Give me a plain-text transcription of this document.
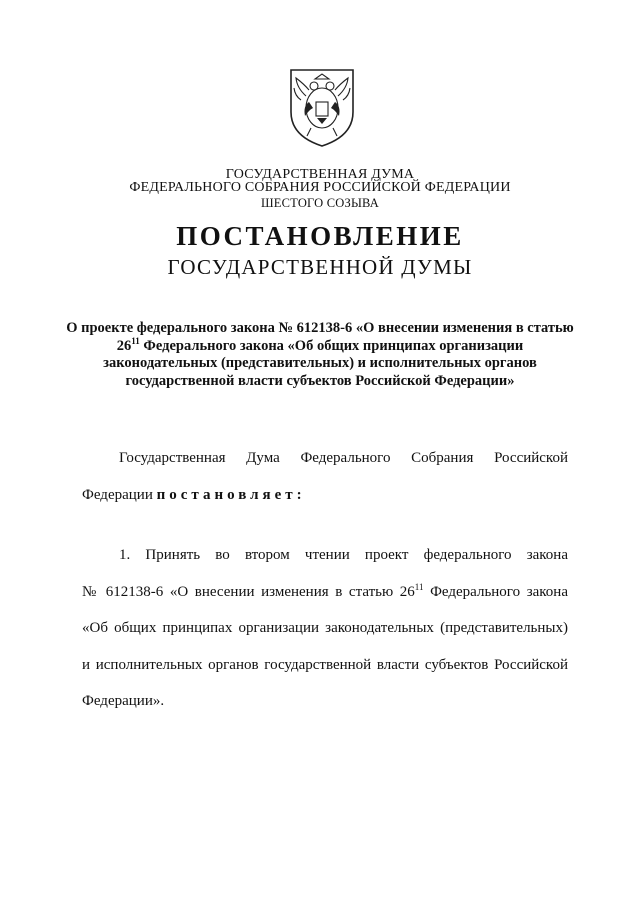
ГОСУДАРСТВЕННАЯ ДУМА
ФЕДЕРАЛЬНОГО СОБРАНИЯ РОССИЙСКОЙ ФЕДЕРАЦИИ
ШЕСТОГО СОЗЫВА
ПОСТАНОВЛЕНИЕ
ГОСУДАРСТВЕННОЙ ДУМЫ
О проекте федерального закона № 612138-6 «О внесении изменения в статью $26^{11}$ Федерального закона «Об общих принципах организации законодательных (представительных) и исполнительных органов государственной власти субъектов Российской Федерации»
Государственная Дума Федерального Собрания Российской
Федерации постановляет:
1. Принять во втором чтении проект федерального закона
№ 612138-6 «О внесении изменения в статью $26^{11}$ Федерального закона
«Об общих принципах организации законодательных (представительных)
и исполнительных органов государственной власти субъектов Российской
Федерации».
